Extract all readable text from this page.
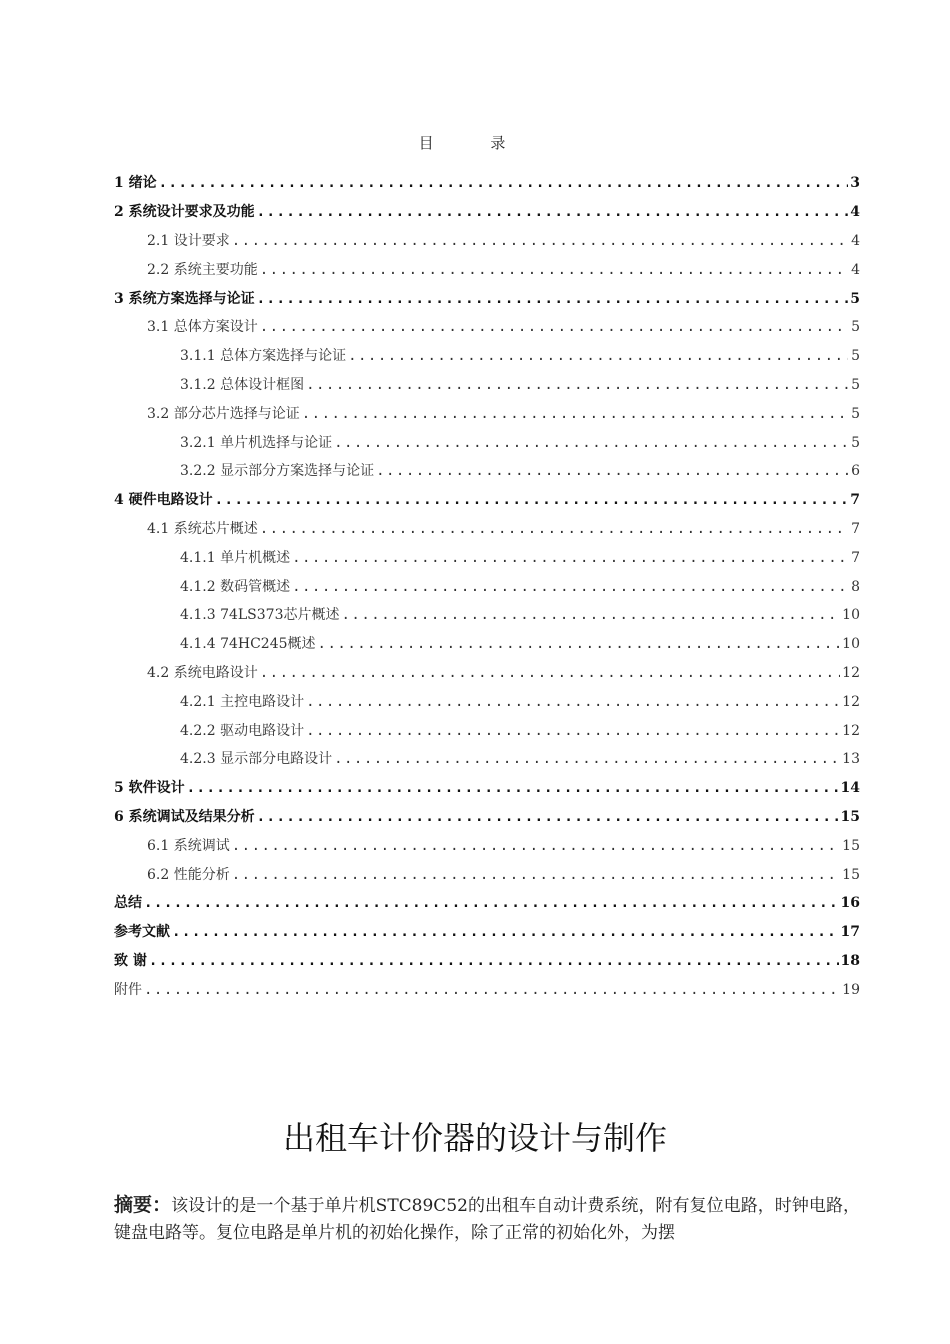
目 录
1 绪论 .....	3
2 系统设计要求及功能 .....	4
2.1 设计要求 .....	4
2.2 系统主要功能 .....	4
3 系统方案选择与论证 .....	5
3.1 总体方案设计 .....	5
3.1.1 总体方案选择与论证 .....	5
3.1.2 总体设计框图 .....	5
3.2 部分芯片选择与论证 .....	5
3.2.1 单片机选择与论证 .....	5
3.2.2 显示部分方案选择与论证 .....	6
4 硬件电路设计 .....	7
4.1 系统芯片概述 .....	7
4.1.1 单片机概述 .....	7
4.1.2 数码管概述 .....	8
4.1.3 74LS373芯片概述 .....	10
4.1.4 74HC245概述 .....	10
4.2 系统电路设计 .....	12
4.2.1 主控电路设计 .....	12
4.2.2 驱动电路设计 .....	12
4.2.3 显示部分电路设计 .....	13
5 软件设计 .....	14
6 系统调试及结果分析 .....	15
6.1 系统调试 .....	15
6.2 性能分析 .....	15
总结 .....	16
参考文献 .....	17
致 谢 .....	18
附件 .....	19
出租车计价器的设计与制作
摘要：该设计的是一个基于单片机STC89C52的出租车自动计费系统，附有复位电路，时钟电路，键盘电路等。复位电路是单片机的初始化操作，除了正常的初始化外，为摆
